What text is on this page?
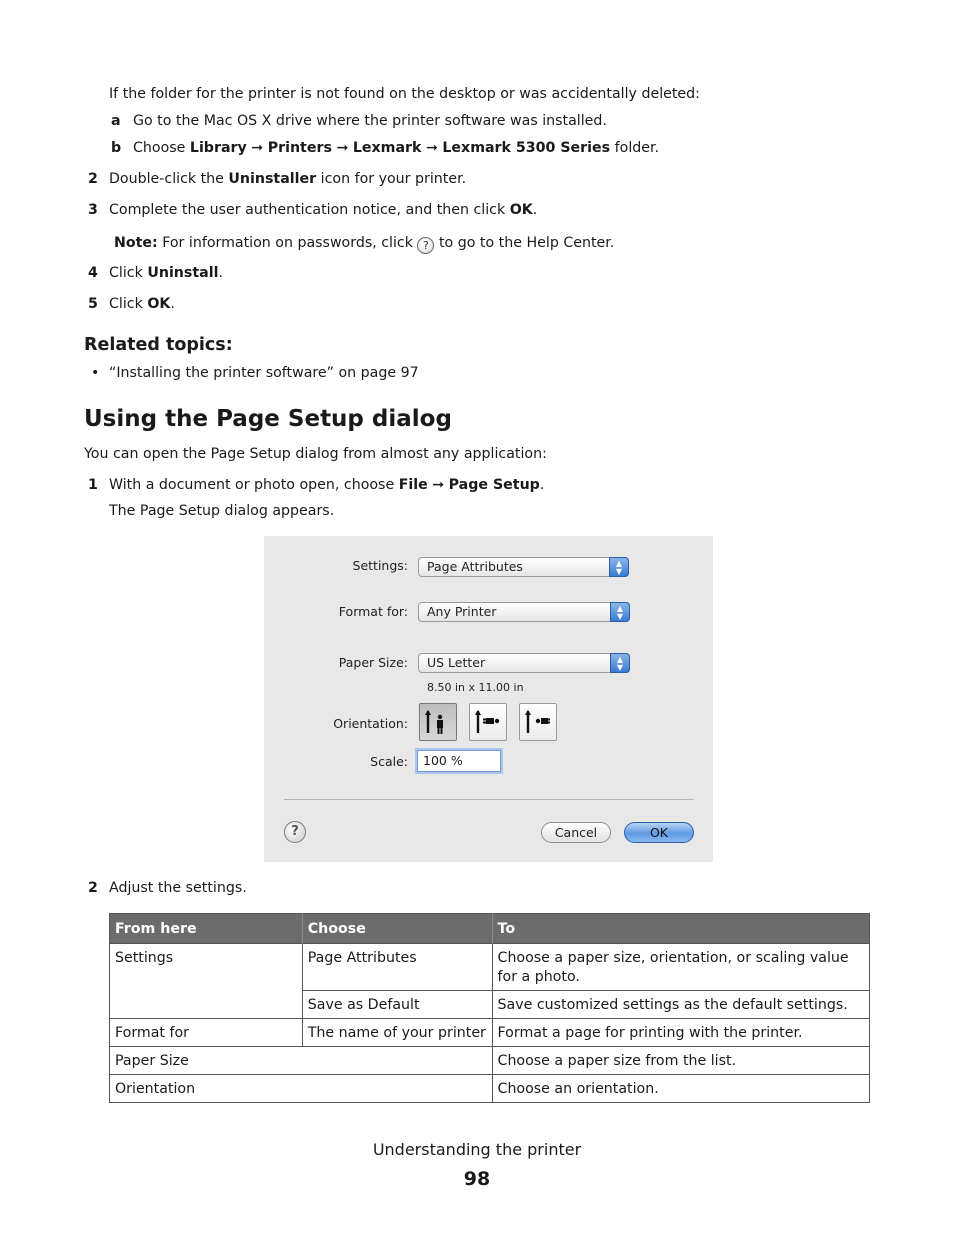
If the folder for the printer is not found on the desktop or was accidentally deleted:
a Go to the Mac OS X drive where the printer software was installed.
b Choose Library ➞ Printers ➞ Lexmark ➞ Lexmark 5300 Series folder.
2 Double-click the Uninstaller icon for your printer.
3 Complete the user authentication notice, and then click OK.
Note: For information on passwords, click ? to go to the Help Center.
4 Click Uninstall.
5 Click OK.
Related topics:
• “Installing the printer software” on page 97
Using the Page Setup dialog
You can open the Page Setup dialog from almost any application:
1 With a document or photo open, choose File ➞ Page Setup.
The Page Setup dialog appears.
Settings:	Page Attributes	▲
▼
Format for:	Any Printer	▲
▼
Paper Size:	US Letter	▲
▼
8.50 in x 11.00 in
Orientation:
Scale:	100 %
?	Cancel	OK
2 Adjust the settings.
From here	Choose	To
Settings	Page Attributes	Choose a paper size, orientation, or scaling value for a photo.
	Save as Default	Save customized settings as the default settings.
Format for	The name of your printer	Format a page for printing with the printer.
Paper Size		Choose a paper size from the list.
Orientation		Choose an orientation.
Understanding the printer
98
